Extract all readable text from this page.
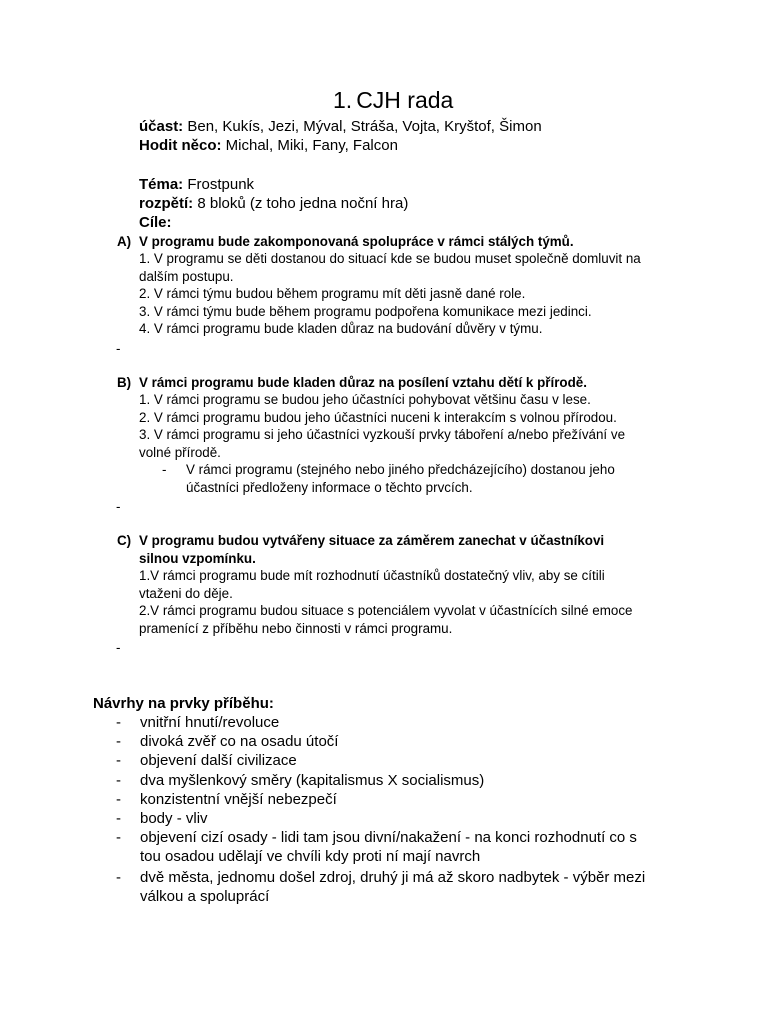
1. CJH rada
účast: Ben, Kukís, Jezi, Mýval, Stráša, Vojta, Kryštof, Šimon
Hodit něco: Michal, Miki, Fany, Falcon
Téma: Frostpunk
rozpětí: 8 bloků (z toho jedna noční hra)
Cíle:
A) V programu bude zakomponovaná spolupráce v rámci stálých týmů.
1. V programu se děti dostanou do situací kde se budou muset společně domluvit na
dalším postupu.
2. V rámci týmu budou během programu mít děti jasně dané role.
3. V rámci týmu bude během programu podpořena komunikace mezi jedinci.
4. V rámci programu bude kladen důraz na budování důvěry v týmu.
-
B) V rámci programu bude kladen důraz na posílení vztahu dětí k přírodě.
1. V rámci programu se budou jeho účastníci pohybovat většinu času v lese.
2. V rámci programu budou jeho účastníci nuceni k interakcím s volnou přírodou.
3. V rámci programu si jeho účastníci vyzkouší prvky táboření a/nebo přežívání ve
volné přírodě.
- V rámci programu (stejného nebo jiného předcházejícího) dostanou jeho
účastníci předloženy informace o těchto prvcích.
-
C) V programu budou vytvářeny situace za záměrem zanechat v účastníkovi
silnou vzpomínku.
1.V rámci programu bude mít rozhodnutí účastníků dostatečný vliv, aby se cítili
vtaženi do děje.
2.V rámci programu budou situace s potenciálem vyvolat v účastnících silné emoce
pramenící z příběhu nebo činnosti v rámci programu.
-
Návrhy na prvky příběhu:
- vnitřní hnutí/revoluce
- divoká zvěř co na osadu útočí
- objevení další civilizace
- dva myšlenkový směry (kapitalismus X socialismus)
- konzistentní vnější nebezpečí
- body - vliv
- objevení cizí osady - lidi tam jsou divní/nakažení - na konci rozhodnutí co s
tou osadou udělají ve chvíli kdy proti ní mají navrch
- dvě města, jednomu došel zdroj, druhý ji má až skoro nadbytek - výběr mezi
válkou a spoluprácí
